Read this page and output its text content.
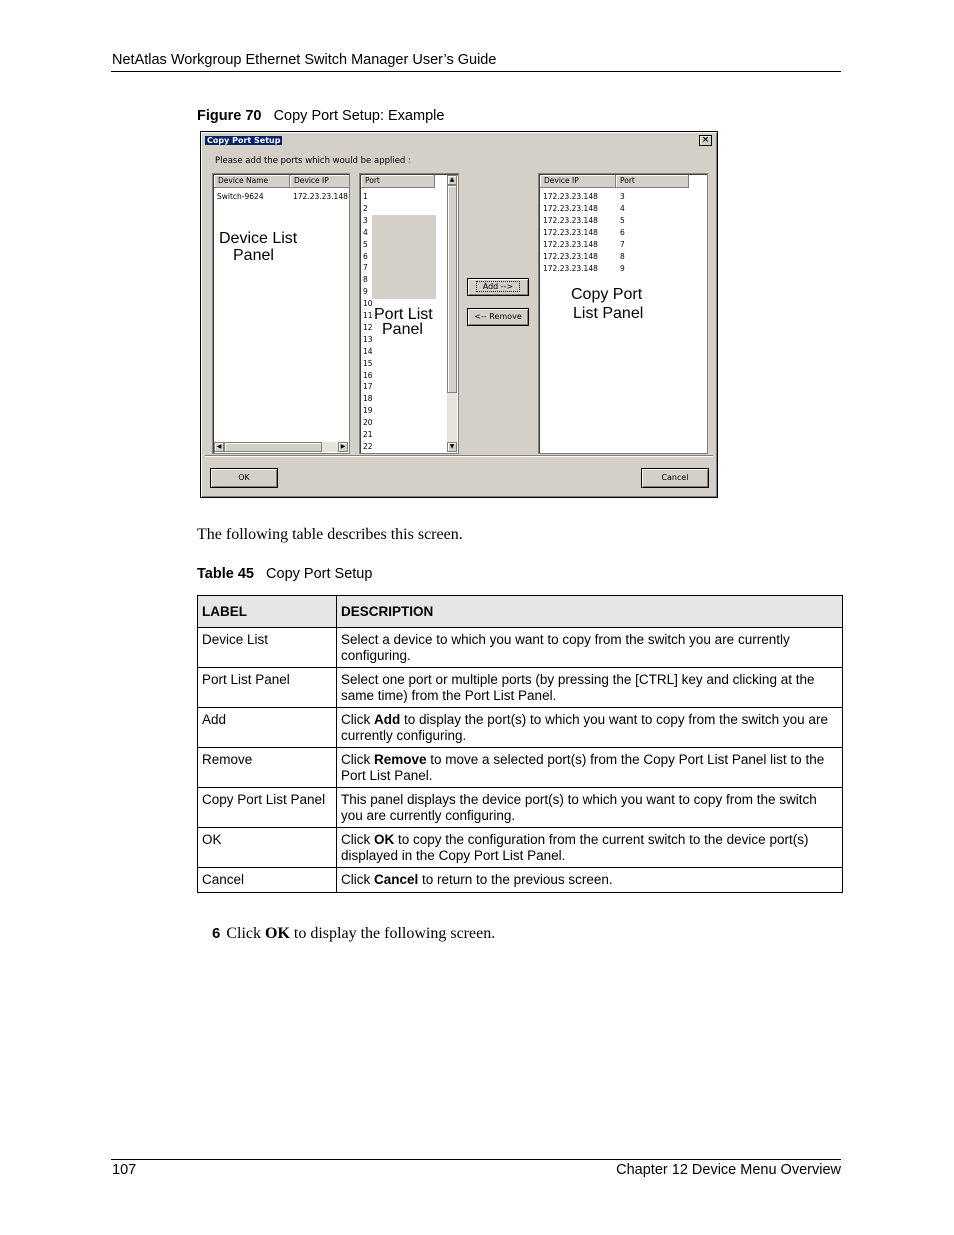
NetAtlas Workgroup Ethernet Switch Manager User’s Guide
Figure 70 Copy Port Setup: Example
Copy Port Setup	×
Please add the ports which would be applied :
Device Name	Device IP
Switch-9624	172.23.23.148
◀	▶
Port
1
2
3
4
5
6
7
8
9
10
11
12
13
14
15
16
17
18
19
20
21
22
▲
▼
Add -->
<-- Remove
Device IP	Port
172.23.23.148	3
172.23.23.148	4
172.23.23.148	5
172.23.23.148	6
172.23.23.148	7
172.23.23.148	8
172.23.23.148	9
OK	Cancel
Device List
Panel
Port List
Panel
Copy Port
List Panel
The following table describes this screen.
Table 45 Copy Port Setup
LABEL	DESCRIPTION
Device List	Select a device to which you want to copy from the switch you are currently configuring.
Port List Panel	Select one port or multiple ports (by pressing the [CTRL] key and clicking at the same time) from the Port List Panel.
Add	Click Add to display the port(s) to which you want to copy from the switch you are currently configuring.
Remove	Click Remove to move a selected port(s) from the Copy Port List Panel list to the Port List Panel.
Copy Port List Panel	This panel displays the device port(s) to which you want to copy from the switch you are currently configuring.
OK	Click OK to copy the configuration from the current switch to the device port(s) displayed in the Copy Port List Panel.
Cancel	Click Cancel to return to the previous screen.
6 Click OK to display the following screen.
107	Chapter 12 Device Menu Overview
